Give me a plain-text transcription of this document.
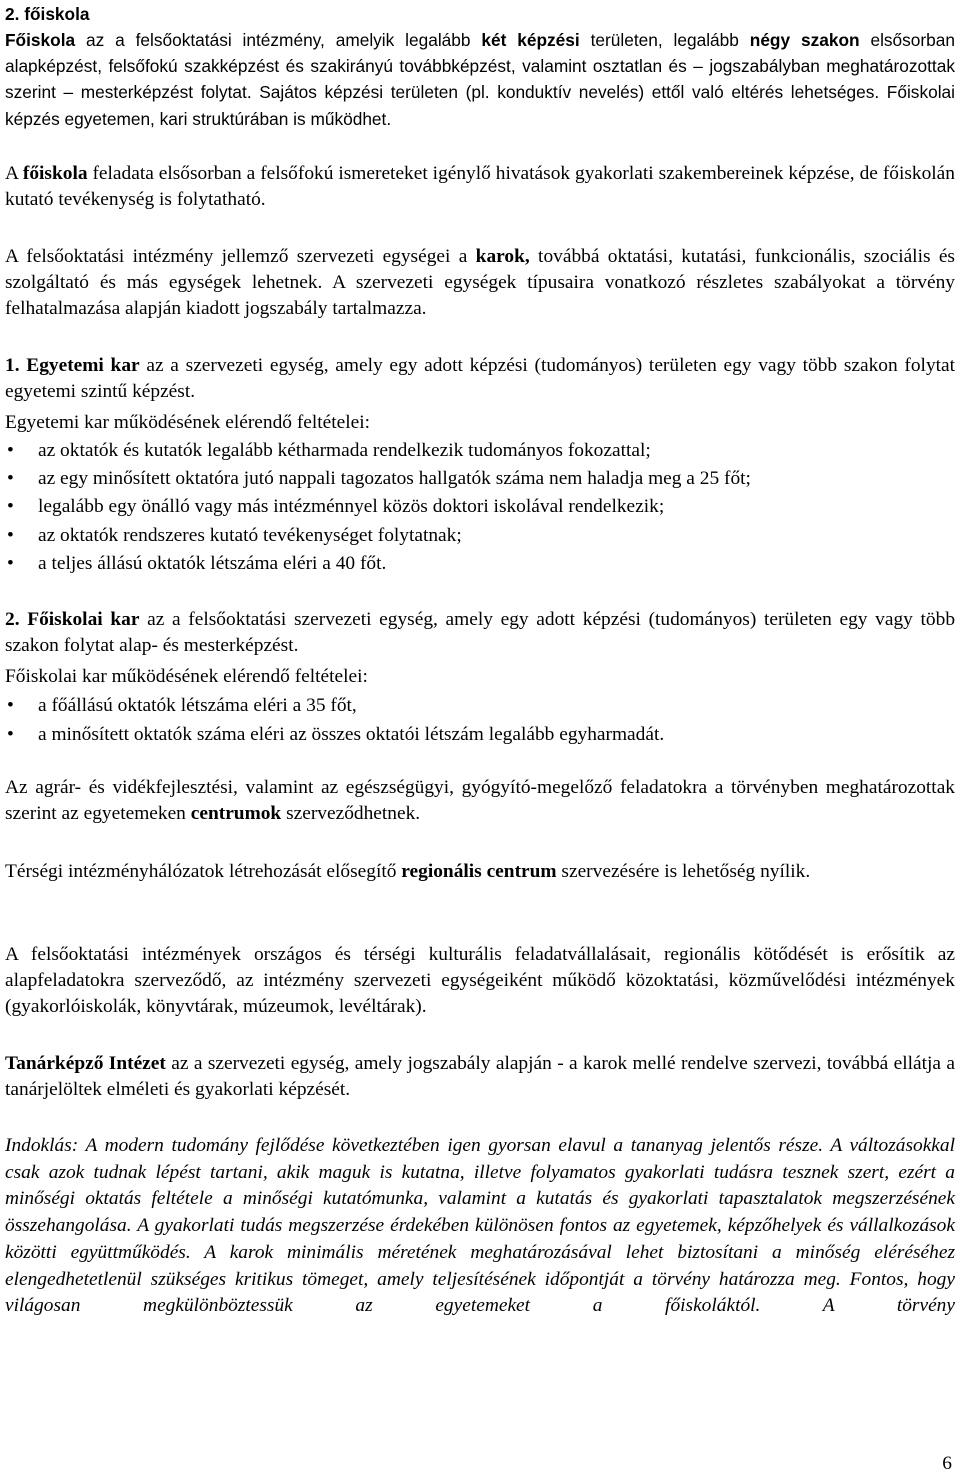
2. főiskola

Főiskola az a felsőoktatási intézmény, amelyik legalább két képzési területen, legalább négy szakon elsősorban alapképzést, felsőfokú szakképzést és szakirányú továbbképzést, valamint osztatlan és – jogszabályban meghatározottak szerint – mesterképzést folytat. Sajátos képzési területen (pl. konduktív nevelés) ettől való eltérés lehetséges. Főiskolai képzés egyetemen, kari struktúrában is működhet.

A főiskola feladata elsősorban a felsőfokú ismereteket igénylő hivatások gyakorlati szakembereinek képzése, de főiskolán kutató tevékenység is folytatható.

A felsőoktatási intézmény jellemző szervezeti egységei a karok, továbbá oktatási, kutatási, funkcionális, szociális és szolgáltató és más egységek lehetnek. A szervezeti egységek típusaira vonatkozó részletes szabályokat a törvény felhatalmazása alapján kiadott jogszabály tartalmazza.

1. Egyetemi kar az a szervezeti egység, amely egy adott képzési (tudományos) területen egy vagy több szakon folytat egyetemi szintű képzést.

Egyetemi kar működésének elérendő feltételei:
• az oktatók és kutatók legalább kétharmada rendelkezik tudományos fokozattal;
• az egy minősített oktatóra jutó nappali tagozatos hallgatók száma nem haladja meg a 25 főt;
• legalább egy önálló vagy más intézménnyel közös doktori iskolával rendelkezik;
• az oktatók rendszeres kutató tevékenységet folytatnak;
• a teljes állású oktatók létszáma eléri a 40 főt.

2. Főiskolai kar az a felsőoktatási szervezeti egység, amely egy adott képzési (tudományos) területen egy vagy több szakon folytat alap- és mesterképzést.

Főiskolai kar működésének elérendő feltételei:
• a főállású oktatók létszáma eléri a 35 főt,
• a minősített oktatók száma eléri az összes oktatói létszám legalább egyharmadát.

Az agrár- és vidékfejlesztési, valamint az egészségügyi, gyógyító-megelőző feladatokra a törvényben meghatározottak szerint az egyetemeken centrumok szerveződhetnek.

Térségi intézményhálózatok létrehozását elősegítő regionális centrum szervezésére is lehetőség nyílik.

A felsőoktatási intézmények országos és térségi kulturális feladatvállalásait, regionális kötődését is erősítik az alapfeladatokra szerveződő, az intézmény szervezeti egységeiként működő közoktatási, közművelődési intézmények (gyakorlóiskolák, könyvtárak, múzeumok, levéltárak).

Tanárképző Intézet az a szervezeti egység, amely jogszabály alapján - a karok mellé rendelve szervezi, továbbá ellátja a tanárjelöltek elméleti és gyakorlati képzését.

Indoklás: A modern tudomány fejlődése következtében igen gyorsan elavul a tananyag jelentős része. A változásokkal csak azok tudnak lépést tartani, akik maguk is kutatna, illetve folyamatos gyakorlati tudásra tesznek szert, ezért a minőségi oktatás feltétele a minőségi kutatómunka, valamint a kutatás és gyakorlati tapasztalatok megszerzésének összehangolása. A gyakorlati tudás megszerzése érdekében különösen fontos az egyetemek, képzőhelyek és vállalkozások közötti együttműködés. A karok minimális méretének meghatározásával lehet biztosítani a minőség eléréséhez elengedhetetlenül szükséges kritikus tömeget, amely teljesítésének időpontját a törvény határozza meg. Fontos, hogy világosan megkülönböztessük az egyetemeket a főiskoláktól. A törvény

6
